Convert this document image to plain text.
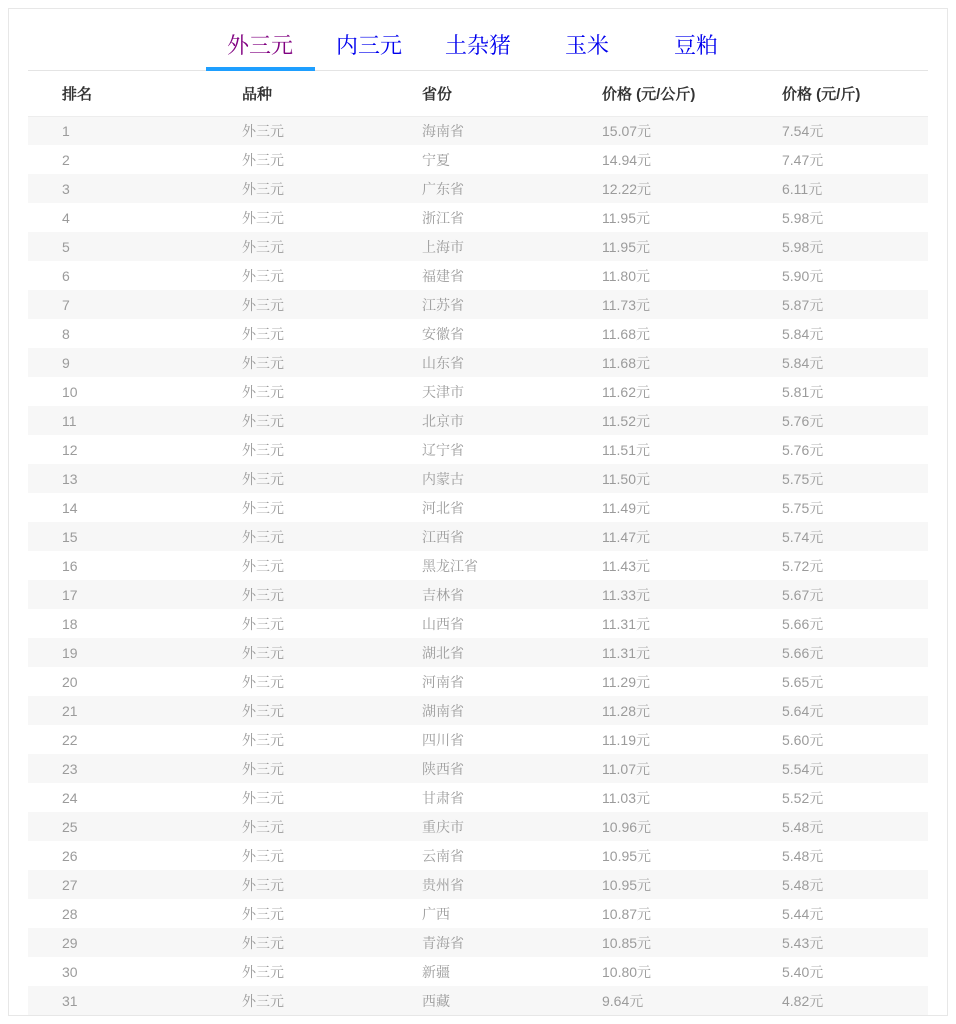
外三元	内三元	土杂猪	玉米	豆粕
排名	品种	省份	价格 (元/公斤)	价格 (元/斤)
1	外三元	海南省	15.07元	7.54元
2	外三元	宁夏	14.94元	7.47元
3	外三元	广东省	12.22元	6.11元
4	外三元	浙江省	11.95元	5.98元
5	外三元	上海市	11.95元	5.98元
6	外三元	福建省	11.80元	5.90元
7	外三元	江苏省	11.73元	5.87元
8	外三元	安徽省	11.68元	5.84元
9	外三元	山东省	11.68元	5.84元
10	外三元	天津市	11.62元	5.81元
11	外三元	北京市	11.52元	5.76元
12	外三元	辽宁省	11.51元	5.76元
13	外三元	内蒙古	11.50元	5.75元
14	外三元	河北省	11.49元	5.75元
15	外三元	江西省	11.47元	5.74元
16	外三元	黑龙江省	11.43元	5.72元
17	外三元	吉林省	11.33元	5.67元
18	外三元	山西省	11.31元	5.66元
19	外三元	湖北省	11.31元	5.66元
20	外三元	河南省	11.29元	5.65元
21	外三元	湖南省	11.28元	5.64元
22	外三元	四川省	11.19元	5.60元
23	外三元	陕西省	11.07元	5.54元
24	外三元	甘肃省	11.03元	5.52元
25	外三元	重庆市	10.96元	5.48元
26	外三元	云南省	10.95元	5.48元
27	外三元	贵州省	10.95元	5.48元
28	外三元	广西	10.87元	5.44元
29	外三元	青海省	10.85元	5.43元
30	外三元	新疆	10.80元	5.40元
31	外三元	西藏	9.64元	4.82元
